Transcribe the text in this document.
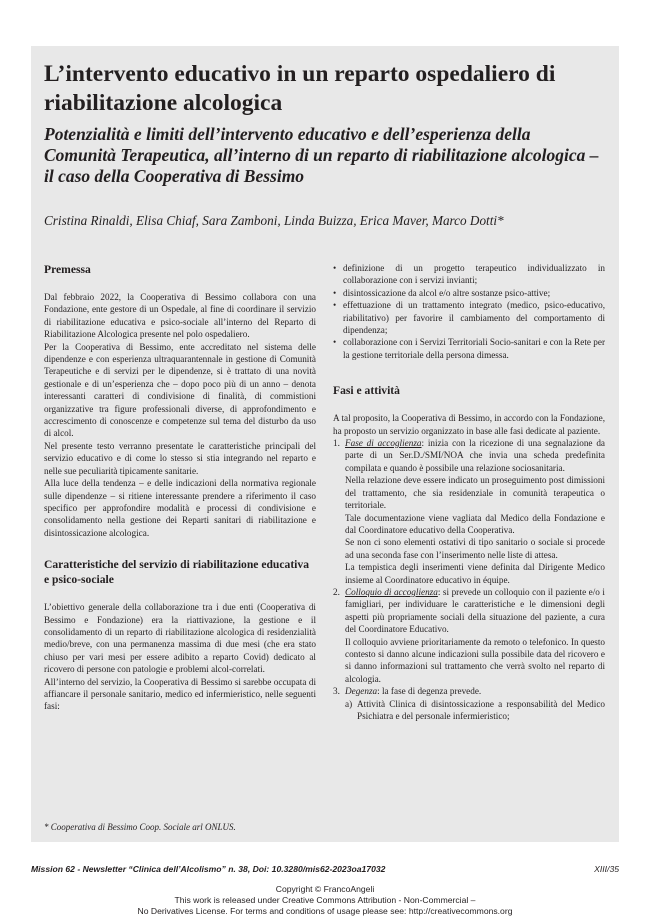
L’intervento educativo in un reparto ospedaliero di riabilitazione alcologica

Potenzialità e limiti dell’intervento educativo e dell’esperienza della Comunità Terapeutica, all’interno di un reparto di riabilitazione alcologica – il caso della Cooperativa di Bessimo

Cristina Rinaldi, Elisa Chiaf, Sara Zamboni, Linda Buizza, Erica Maver, Marco Dotti*

Premessa

Dal febbraio 2022, la Cooperativa di Bessimo collabora con una Fondazione, ente gestore di un Ospedale, al fine di coordinare il servizio di riabilitazione educativa e psico-sociale all’interno del Reparto di Riabilitazione Alcologica presente nel polo ospedaliero.

Per la Cooperativa di Bessimo, ente accreditato nel sistema delle dipendenze e con esperienza ultraquarantennale in gestione di Comunità Terapeutiche e di servizi per le dipendenze, si è trattato di una novità gestionale e di un’esperienza che – dopo poco più di un anno – denota interessanti caratteri di condivisione di finalità, di commistioni organizzative tra figure professionali diverse, di approfondimento e accrescimento di conoscenze e competenze sul tema del disturbo da uso di alcol.

Nel presente testo verranno presentate le caratteristiche principali del servizio educativo e di come lo stesso si stia integrando nel reparto e nelle sue peculiarità tipicamente sanitarie.

Alla luce della tendenza – e delle indicazioni della normativa regionale sulle dipendenze – si ritiene interessante prendere a riferimento il caso specifico per approfondire modalità e processi di condivisione e consolidamento nella gestione dei Reparti sanitari di riabilitazione e disintossicazione alcologica.

Caratteristiche del servizio di riabilitazione educativa e psico-sociale

L’obiettivo generale della collaborazione tra i due enti (Cooperativa di Bessimo e Fondazione) era la riattivazione, la gestione e il consolidamento di un reparto di riabilitazione alcologica di residenzialità medio/breve, con una permanenza massima di due mesi (che era stato chiuso per vari mesi per essere adibito a reparto Covid) dedicato al ricovero di persone con patologie e problemi alcol-correlati.

All’interno del servizio, la Cooperativa di Bessimo si sarebbe occupata di affiancare il personale sanitario, medico ed infermieristico, nelle seguenti fasi:

• definizione di un progetto terapeutico individualizzato in collaborazione con i servizi invianti;
• disintossicazione da alcol e/o altre sostanze psico-attive;
• effettuazione di un trattamento integrato (medico, psico-educativo, riabilitativo) per favorire il cambiamento del comportamento di dipendenza;
• collaborazione con i Servizi Territoriali Socio-sanitari e con la Rete per la gestione territoriale della persona dimessa.
Fasi e attività

A tal proposito, la Cooperativa di Bessimo, in accordo con la Fondazione, ha proposto un servizio organizzato in base alle fasi dedicate al paziente.

1. Fase di accoglienza: inizia con la ricezione di una segnalazione da parte di un Ser.D./SMI/NOA che invia una scheda predefinita compilata e quando è possibile una relazione sociosanitaria.

Nella relazione deve essere indicato un proseguimento post dimissioni del trattamento, che sia residenziale in comunità terapeutica o territoriale.

Tale documentazione viene vagliata dal Medico della Fondazione e dal Coordinatore educativo della Cooperativa.

Se non ci sono elementi ostativi di tipo sanitario o sociale si procede ad una seconda fase con l’inserimento nelle liste di attesa.

La tempistica degli inserimenti viene definita dal Dirigente Medico insieme al Coordinatore educativo in équipe.

2. Colloquio di accoglienza: si prevede un colloquio con il paziente e/o i famigliari, per individuare le caratteristiche e le dimensioni degli aspetti più propriamente sociali della situazione del paziente, a cura del Coordinatore Educativo.

Il colloquio avviene prioritariamente da remoto o telefonico. In questo contesto si danno alcune indicazioni sulla possibile data del ricovero e si danno informazioni sul trattamento che verrà svolto nel reparto di alcologia.

3. Degenza: la fase di degenza prevede.

a) Attività Clinica di disintossicazione a responsabilità del Medico Psichiatra e del personale infermieristico;

* Cooperativa di Bessimo Coop. Sociale arl ONLUS.

Mission 62 - Newsletter “Clinica dell’Alcolismo” n. 38, Doi: 10.3280/mis62-2023oa17032	XIII/35

Copyright © FrancoAngeli
This work is released under Creative Commons Attribution - Non-Commercial –
No Derivatives License. For terms and conditions of usage please see: http://creativecommons.org
